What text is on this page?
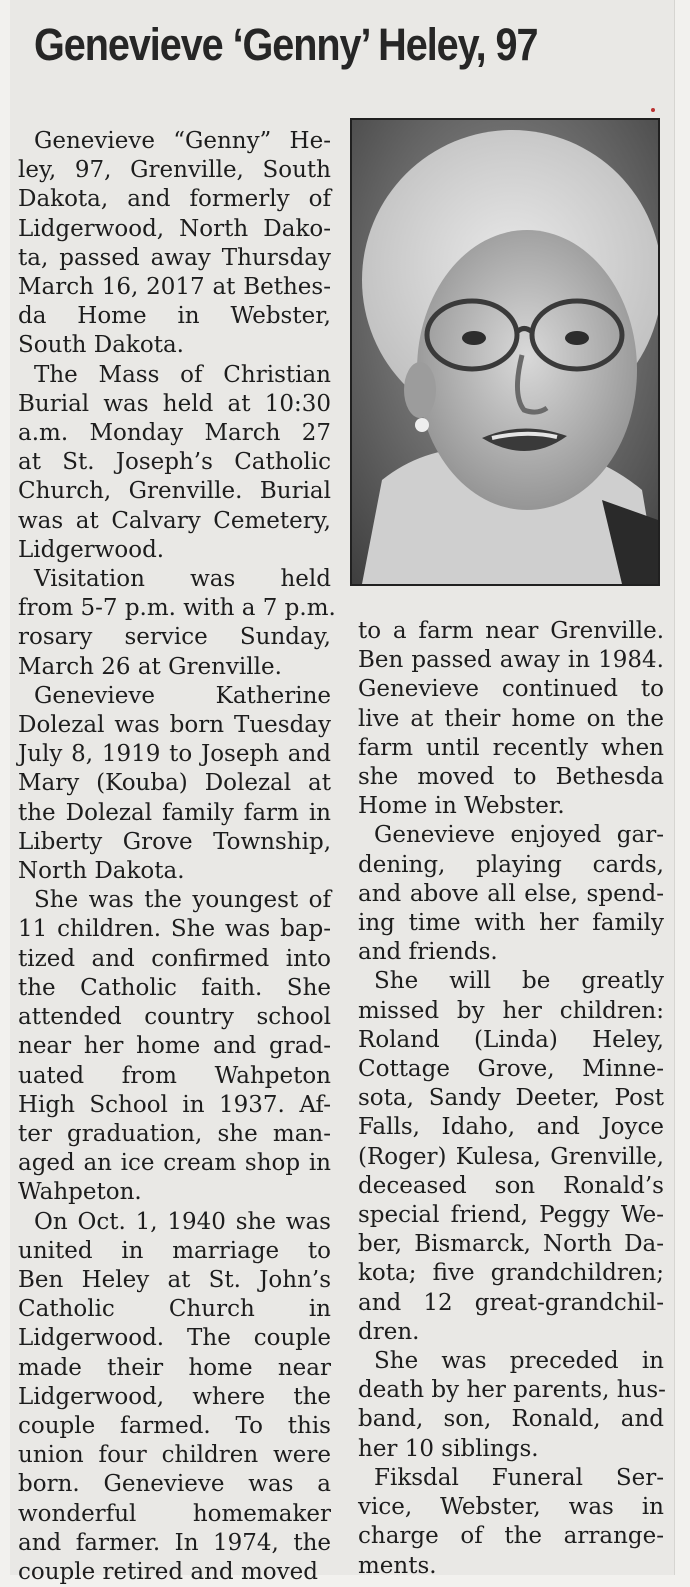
Genevieve ‘Genny’ Heley, 97
Genevieve “Genny” He-
ley, 97, Grenville, South
Dakota, and formerly of
Lidgerwood, North Dako-
ta, passed away Thursday
March 16, 2017 at Bethes-
da Home in Webster,
South Dakota.
The Mass of Christian
Burial was held at 10:30
a.m. Monday March 27
at St. Joseph’s Catholic
Church, Grenville. Burial
was at Calvary Cemetery,
Lidgerwood.
Visitation was held
from 5-7 p.m. with a 7 p.m.
rosary service Sunday,
March 26 at Grenville.
Genevieve Katherine
Dolezal was born Tuesday
July 8, 1919 to Joseph and
Mary (Kouba) Dolezal at
the Dolezal family farm in
Liberty Grove Township,
North Dakota.
She was the youngest of
11 children. She was bap-
tized and confirmed into
the Catholic faith. She
attended country school
near her home and grad-
uated from Wahpeton
High School in 1937. Af-
ter graduation, she man-
aged an ice cream shop in
Wahpeton.
On Oct. 1, 1940 she was
united in marriage to
Ben Heley at St. John’s
Catholic Church in
Lidgerwood. The couple
made their home near
Lidgerwood, where the
couple farmed. To this
union four children were
born. Genevieve was a
wonderful homemaker
and farmer. In 1974, the
couple retired and moved
to a farm near Grenville.
Ben passed away in 1984.
Genevieve continued to
live at their home on the
farm until recently when
she moved to Bethesda
Home in Webster.
Genevieve enjoyed gar-
dening, playing cards,
and above all else, spend-
ing time with her family
and friends.
She will be greatly
missed by her children:
Roland (Linda) Heley,
Cottage Grove, Minne-
sota, Sandy Deeter, Post
Falls, Idaho, and Joyce
(Roger) Kulesa, Grenville,
deceased son Ronald’s
special friend, Peggy We-
ber, Bismarck, North Da-
kota; five grandchildren;
and 12 great-grandchil-
dren.
She was preceded in
death by her parents, hus-
band, son, Ronald, and
her 10 siblings.
Fiksdal Funeral Ser-
vice, Webster, was in
charge of the arrange-
ments.
